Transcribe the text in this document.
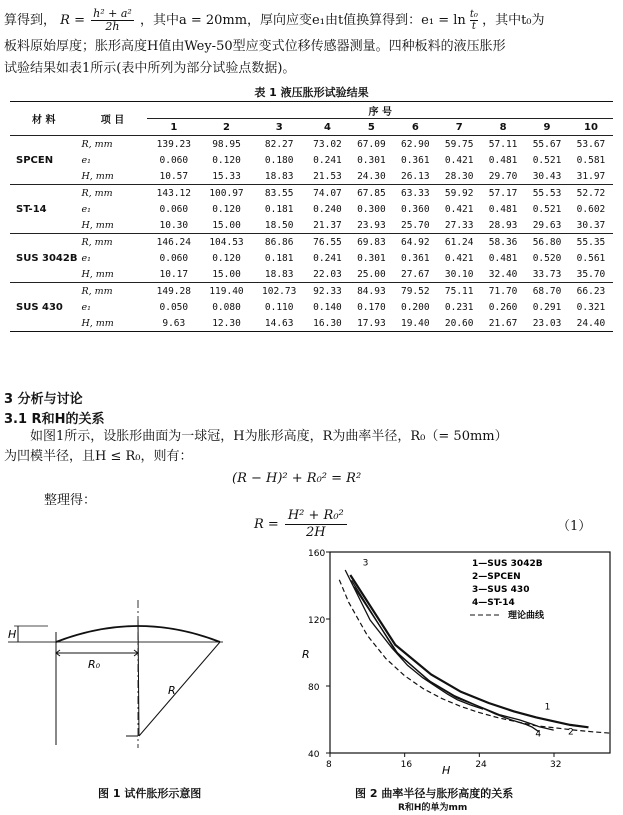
算得到， $R = \frac{\text{h² + a²}}{2h}$ ，其中a = 20mm，厚向应变e₁由t值换算得到：$e_1 = \ln \frac{\text{t₀}}{t}$ ，其中t₀为
板料原始厚度；胀形高度H值由Wey-50型应变式位移传感器测量。四种板料的液压胀形
试验结果如表1所示(表中所列为部分试验点数据)。
表 1 液压胀形试验结果
材 料	项 目	序 号									
		1	2	3	4	5	6	7	8	9	10
	R, mm	139.23	98.95	82.27	73.02	67.09	62.90	59.75	57.11	55.67	53.67
SPCEN	e₁	0.060	0.120	0.180	0.241	0.301	0.361	0.421	0.481	0.521	0.581
	H, mm	10.57	15.33	18.83	21.53	24.30	26.13	28.30	29.70	30.43	31.97
	R, mm	143.12	100.97	83.55	74.07	67.85	63.33	59.92	57.17	55.53	52.72
ST-14	e₁	0.060	0.120	0.181	0.240	0.300	0.360	0.421	0.481	0.521	0.602
	H, mm	10.30	15.00	18.50	21.37	23.93	25.70	27.33	28.93	29.63	30.37
	R, mm	146.24	104.53	86.86	76.55	69.83	64.92	61.24	58.36	56.80	55.35
SUS 3042B	e₁	0.060	0.120	0.181	0.241	0.301	0.361	0.421	0.481	0.520	0.561
	H, mm	10.17	15.00	18.83	22.03	25.00	27.67	30.10	32.40	33.73	35.70
	R, mm	149.28	119.40	102.73	92.33	84.93	79.52	75.11	71.70	68.70	66.23
SUS 430	e₁	0.050	0.080	0.110	0.140	0.170	0.200	0.231	0.260	0.291	0.321
	H, mm	9.63	12.30	14.63	16.30	17.93	19.40	20.60	21.67	23.03	24.40
3 分析与讨论
3.1 R和H的关系
如图1所示，设胀形曲面为一球冠，H为胀形高度，R为曲率半径，R₀（= 50mm）
为凹模半径，且H ≤ R₀，则有：
(R − H)² + R₀² = R²
整理得：
$R = \frac{\text{H² + R₀²}}{2H}$	（1）
H
R₀
R
图 1 试件胀形示意图
8	16	24	32
40
80
120
160
1
2
3
4
1—SUS 3042B
2—SPCEN
3—SUS 430
4—ST-14
理论曲线
H
R
图 2 曲率半径与胀形高度的关系
R和H的单为mm
